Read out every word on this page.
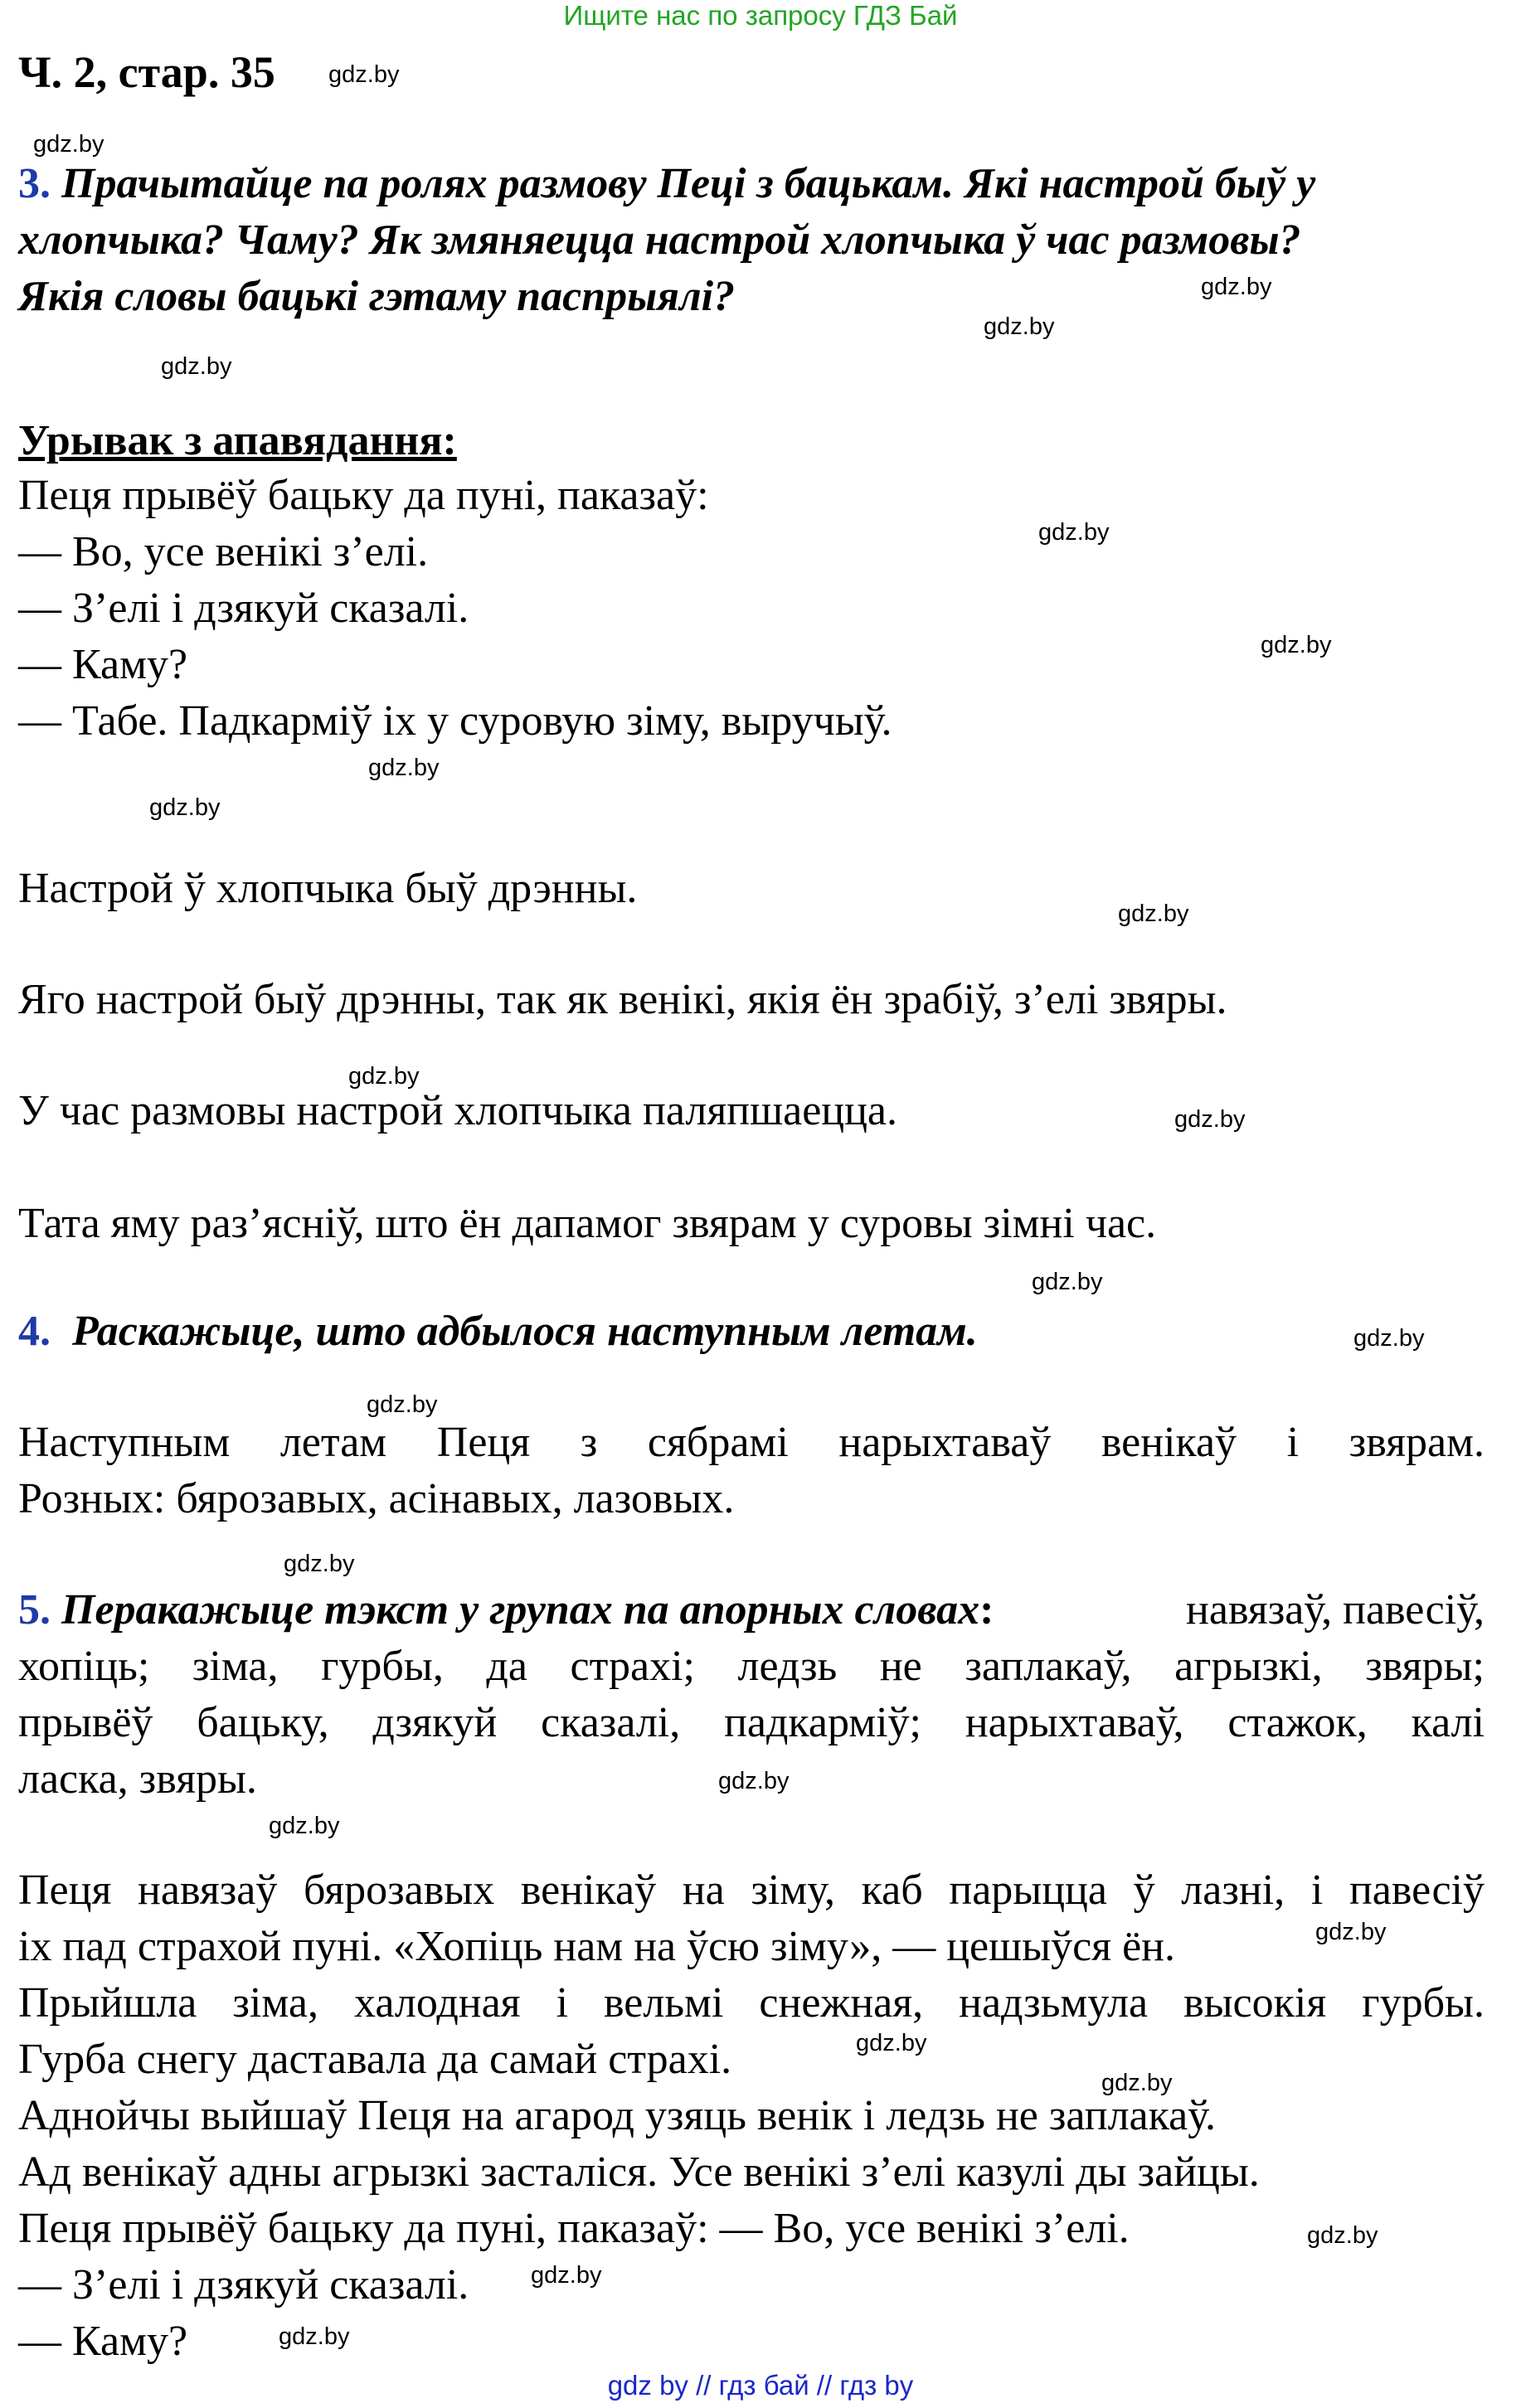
Ищите нас по запросу ГДЗ Бай
Ч. 2, стар. 35
3. Прачытайце па ролях размову Пеці з бацькам. Які настрой быў у
хлопчыка? Чаму? Як змяняецца настрой хлопчыка ў час размовы?
Якія словы бацькі гэтаму паспрыялі?
Урывак з апавядання:
Пеця прывёў бацьку да пуні, паказаў:
— Во, усе венікі з’елі.
— З’елі і дзякуй сказалі.
— Каму?
— Табе. Падкарміў іх у суровую зіму, выручыў.
Настрой ў хлопчыка быў дрэнны.
Яго настрой быў дрэнны, так як венікі, якія ён зрабіў, з’елі звяры.
У час размовы настрой хлопчыка паляпшаецца.
Тата яму раз’ясніў, што ён дапамог звярам у суровы зімні час.
4. Раскажыце, што адбылося наступным летам.
Наступным летам Пеця з сябрамі нарыхтаваў венікаў і звярам.
Розных: бярозавых, асінавых, лазовых.
5. Перакажыце тэкст у групах па апорных словах:	навязаў, павесіў,
хопіць; зіма, гурбы, да страхі; ледзь не заплакаў, агрызкі, звяры;
прывёў бацьку, дзякуй сказалі, падкарміў; нарыхтаваў, стажок, калі
ласка, звяры.
Пеця навязаў бярозавых венікаў на зіму, каб парыцца ў лазні, і павесіў
іх пад страхой пуні. «Хопіць нам на ўсю зіму», — цешыўся ён.
Прыйшла зіма, халодная і вельмі снежная, надзьмула высокія гурбы.
Гурба снегу даставала да самай страхі.
Аднойчы выйшаў Пеця на агарод узяць венік і ледзь не заплакаў.
Ад венікаў адны агрызкі засталіся. Усе венікі з’елі казулі ды зайцы.
Пеця прывёў бацьку да пуні, паказаў: — Во, усе венікі з’елі.
— З’елі і дзякуй сказалі.
— Каму?
gdz.by
gdz.by
gdz.by
gdz.by
gdz.by
gdz.by
gdz.by
gdz.by
gdz.by
gdz.by
gdz.by
gdz.by
gdz.by
gdz.by
gdz.by
gdz.by
gdz.by
gdz.by
gdz.by
gdz.by
gdz.by
gdz.by
gdz.by
gdz.by
gdz by // гдз бай // гдз by
